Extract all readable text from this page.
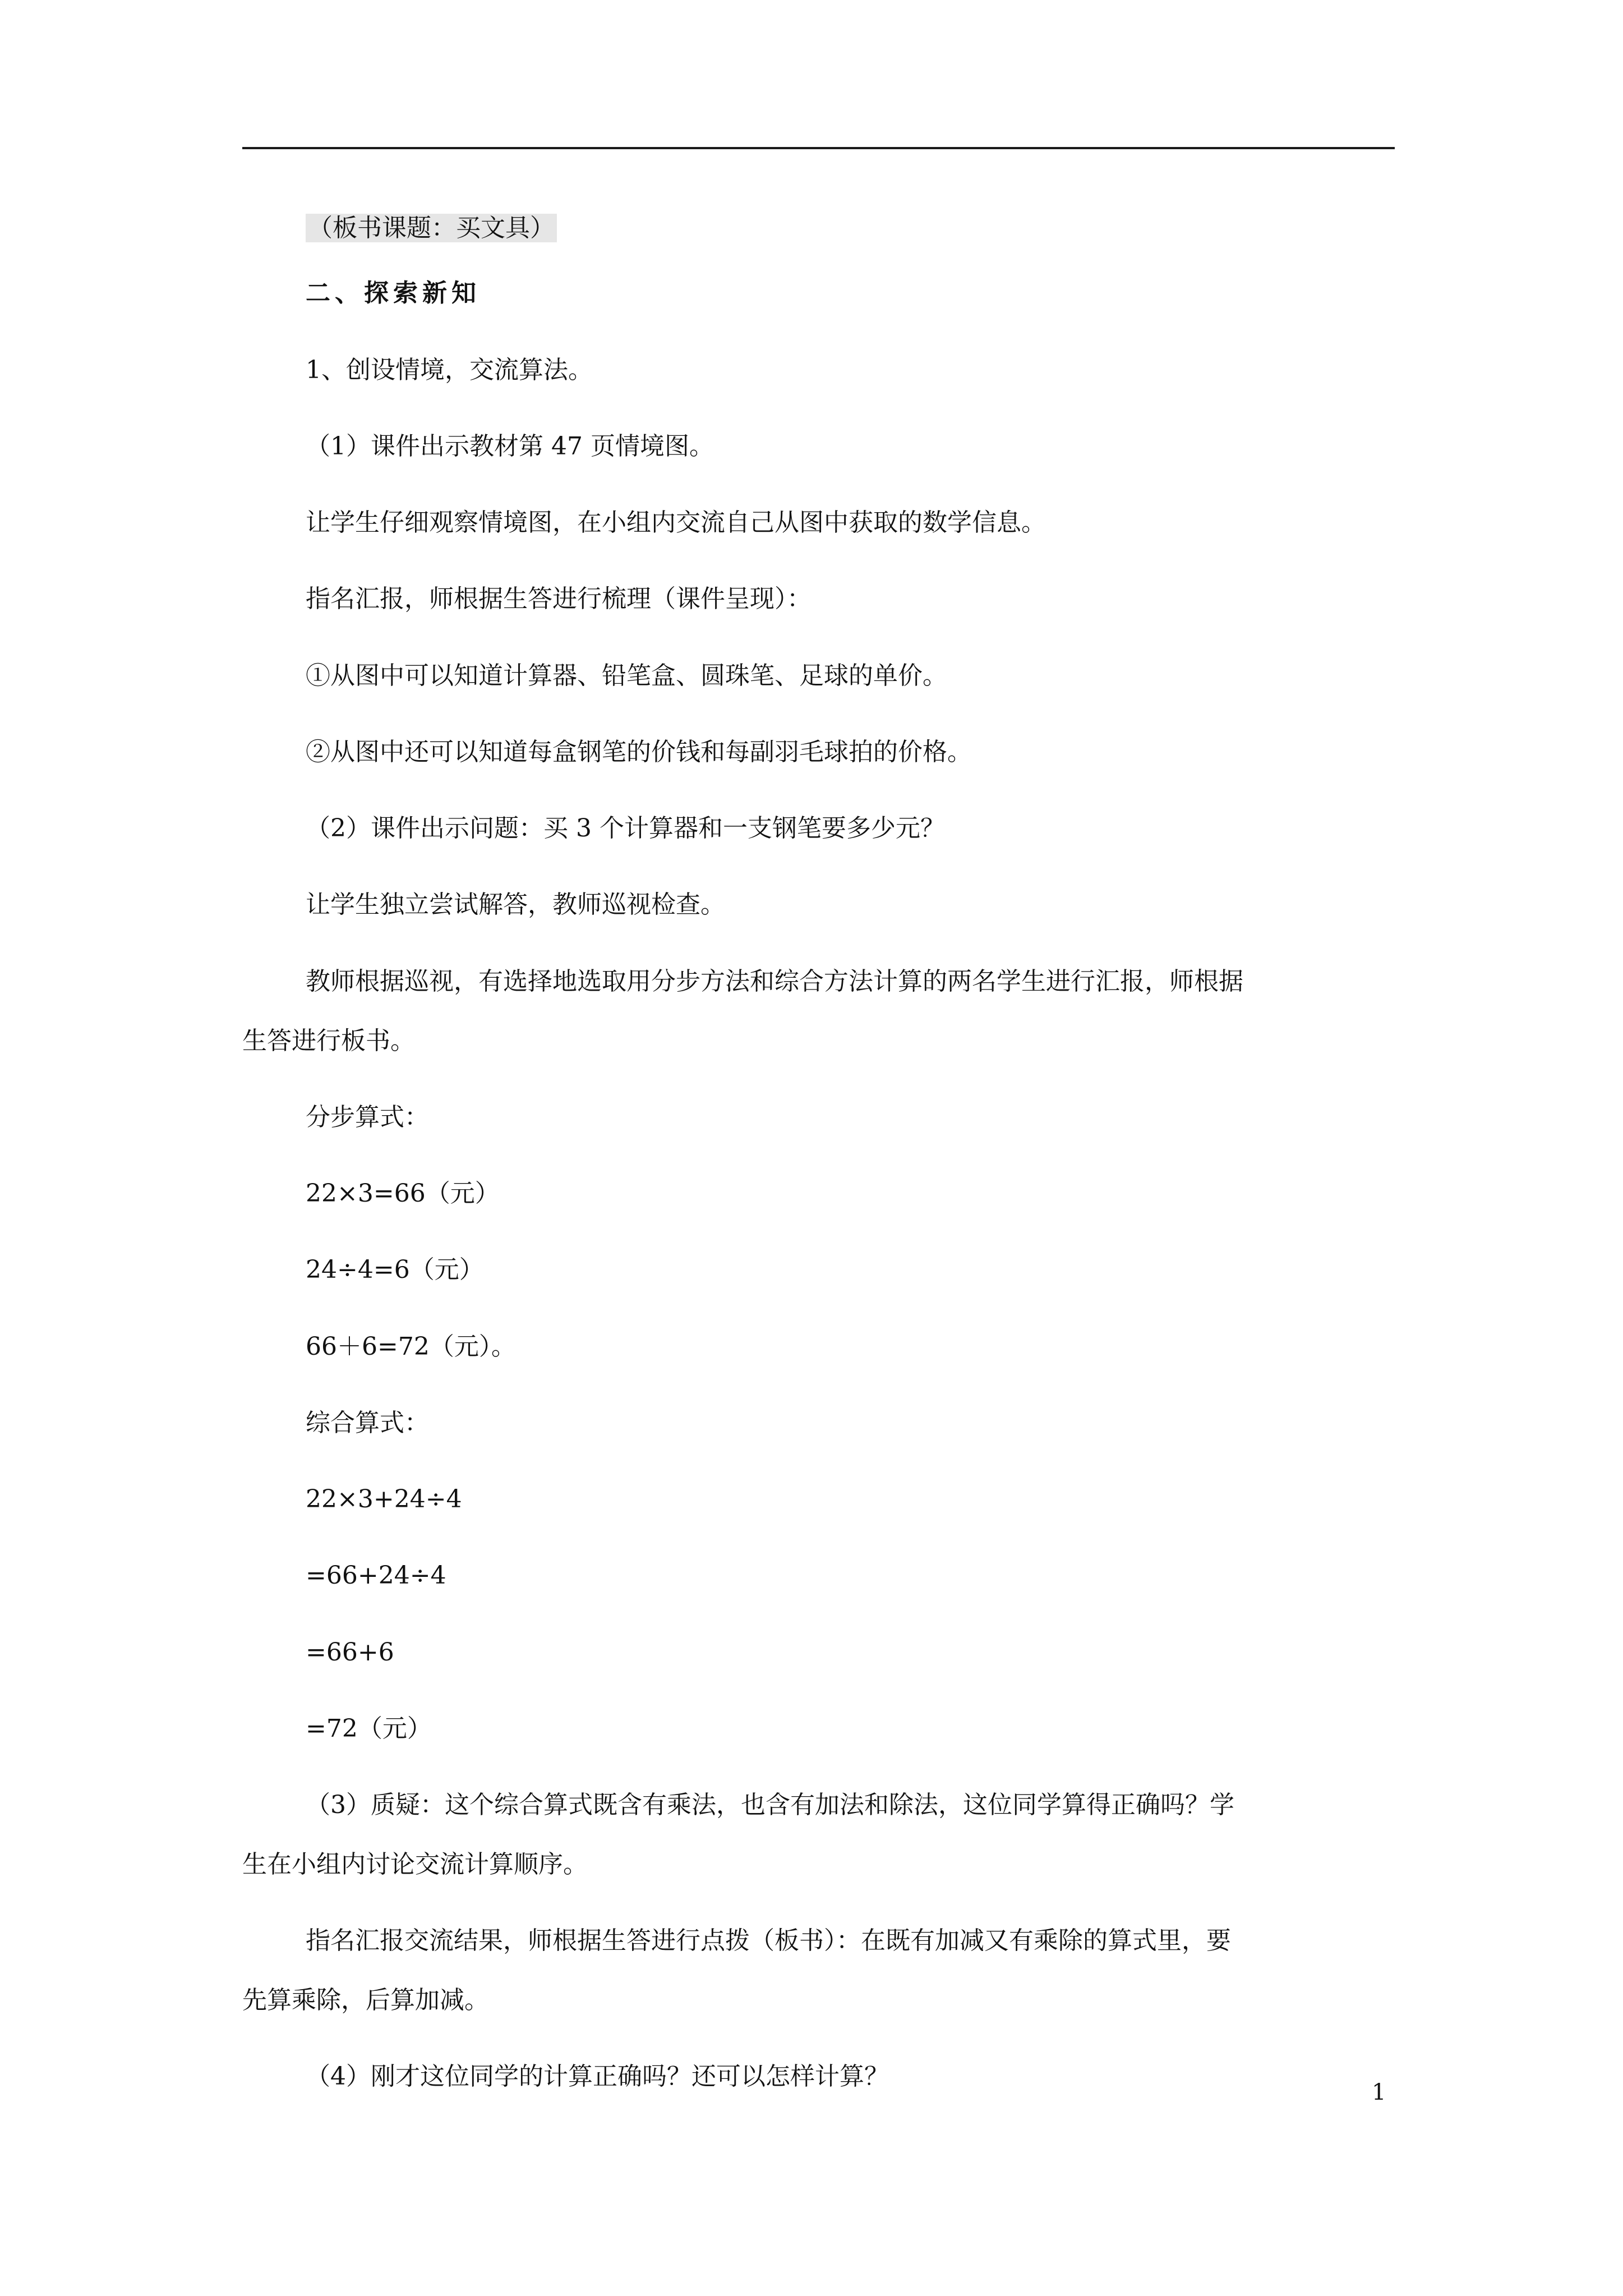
（板书课题：买文具）

二、探索新知

1、创设情境，交流算法。

（1）课件出示教材第 47 页情境图。

让学生仔细观察情境图，在小组内交流自己从图中获取的数学信息。

指名汇报，师根据生答进行梳理（课件呈现）：

①从图中可以知道计算器、铅笔盒、圆珠笔、足球的单价。

②从图中还可以知道每盒钢笔的价钱和每副羽毛球拍的价格。

（2）课件出示问题：买 3 个计算器和一支钢笔要多少元？

让学生独立尝试解答，教师巡视检查。

教师根据巡视，有选择地选取用分步方法和综合方法计算的两名学生进行汇报，师根据

生答进行板书。

分步算式：

22×3=66（元）

24÷4=6（元）

66＋6=72（元）。

综合算式：

22×3+24÷4

=66+24÷4

=66+6

=72（元）

（3）质疑：这个综合算式既含有乘法，也含有加法和除法，这位同学算得正确吗？学

生在小组内讨论交流计算顺序。

指名汇报交流结果，师根据生答进行点拨（板书）：在既有加减又有乘除的算式里，要

先算乘除，后算加减。

（4）刚才这位同学的计算正确吗？还可以怎样计算？

1
